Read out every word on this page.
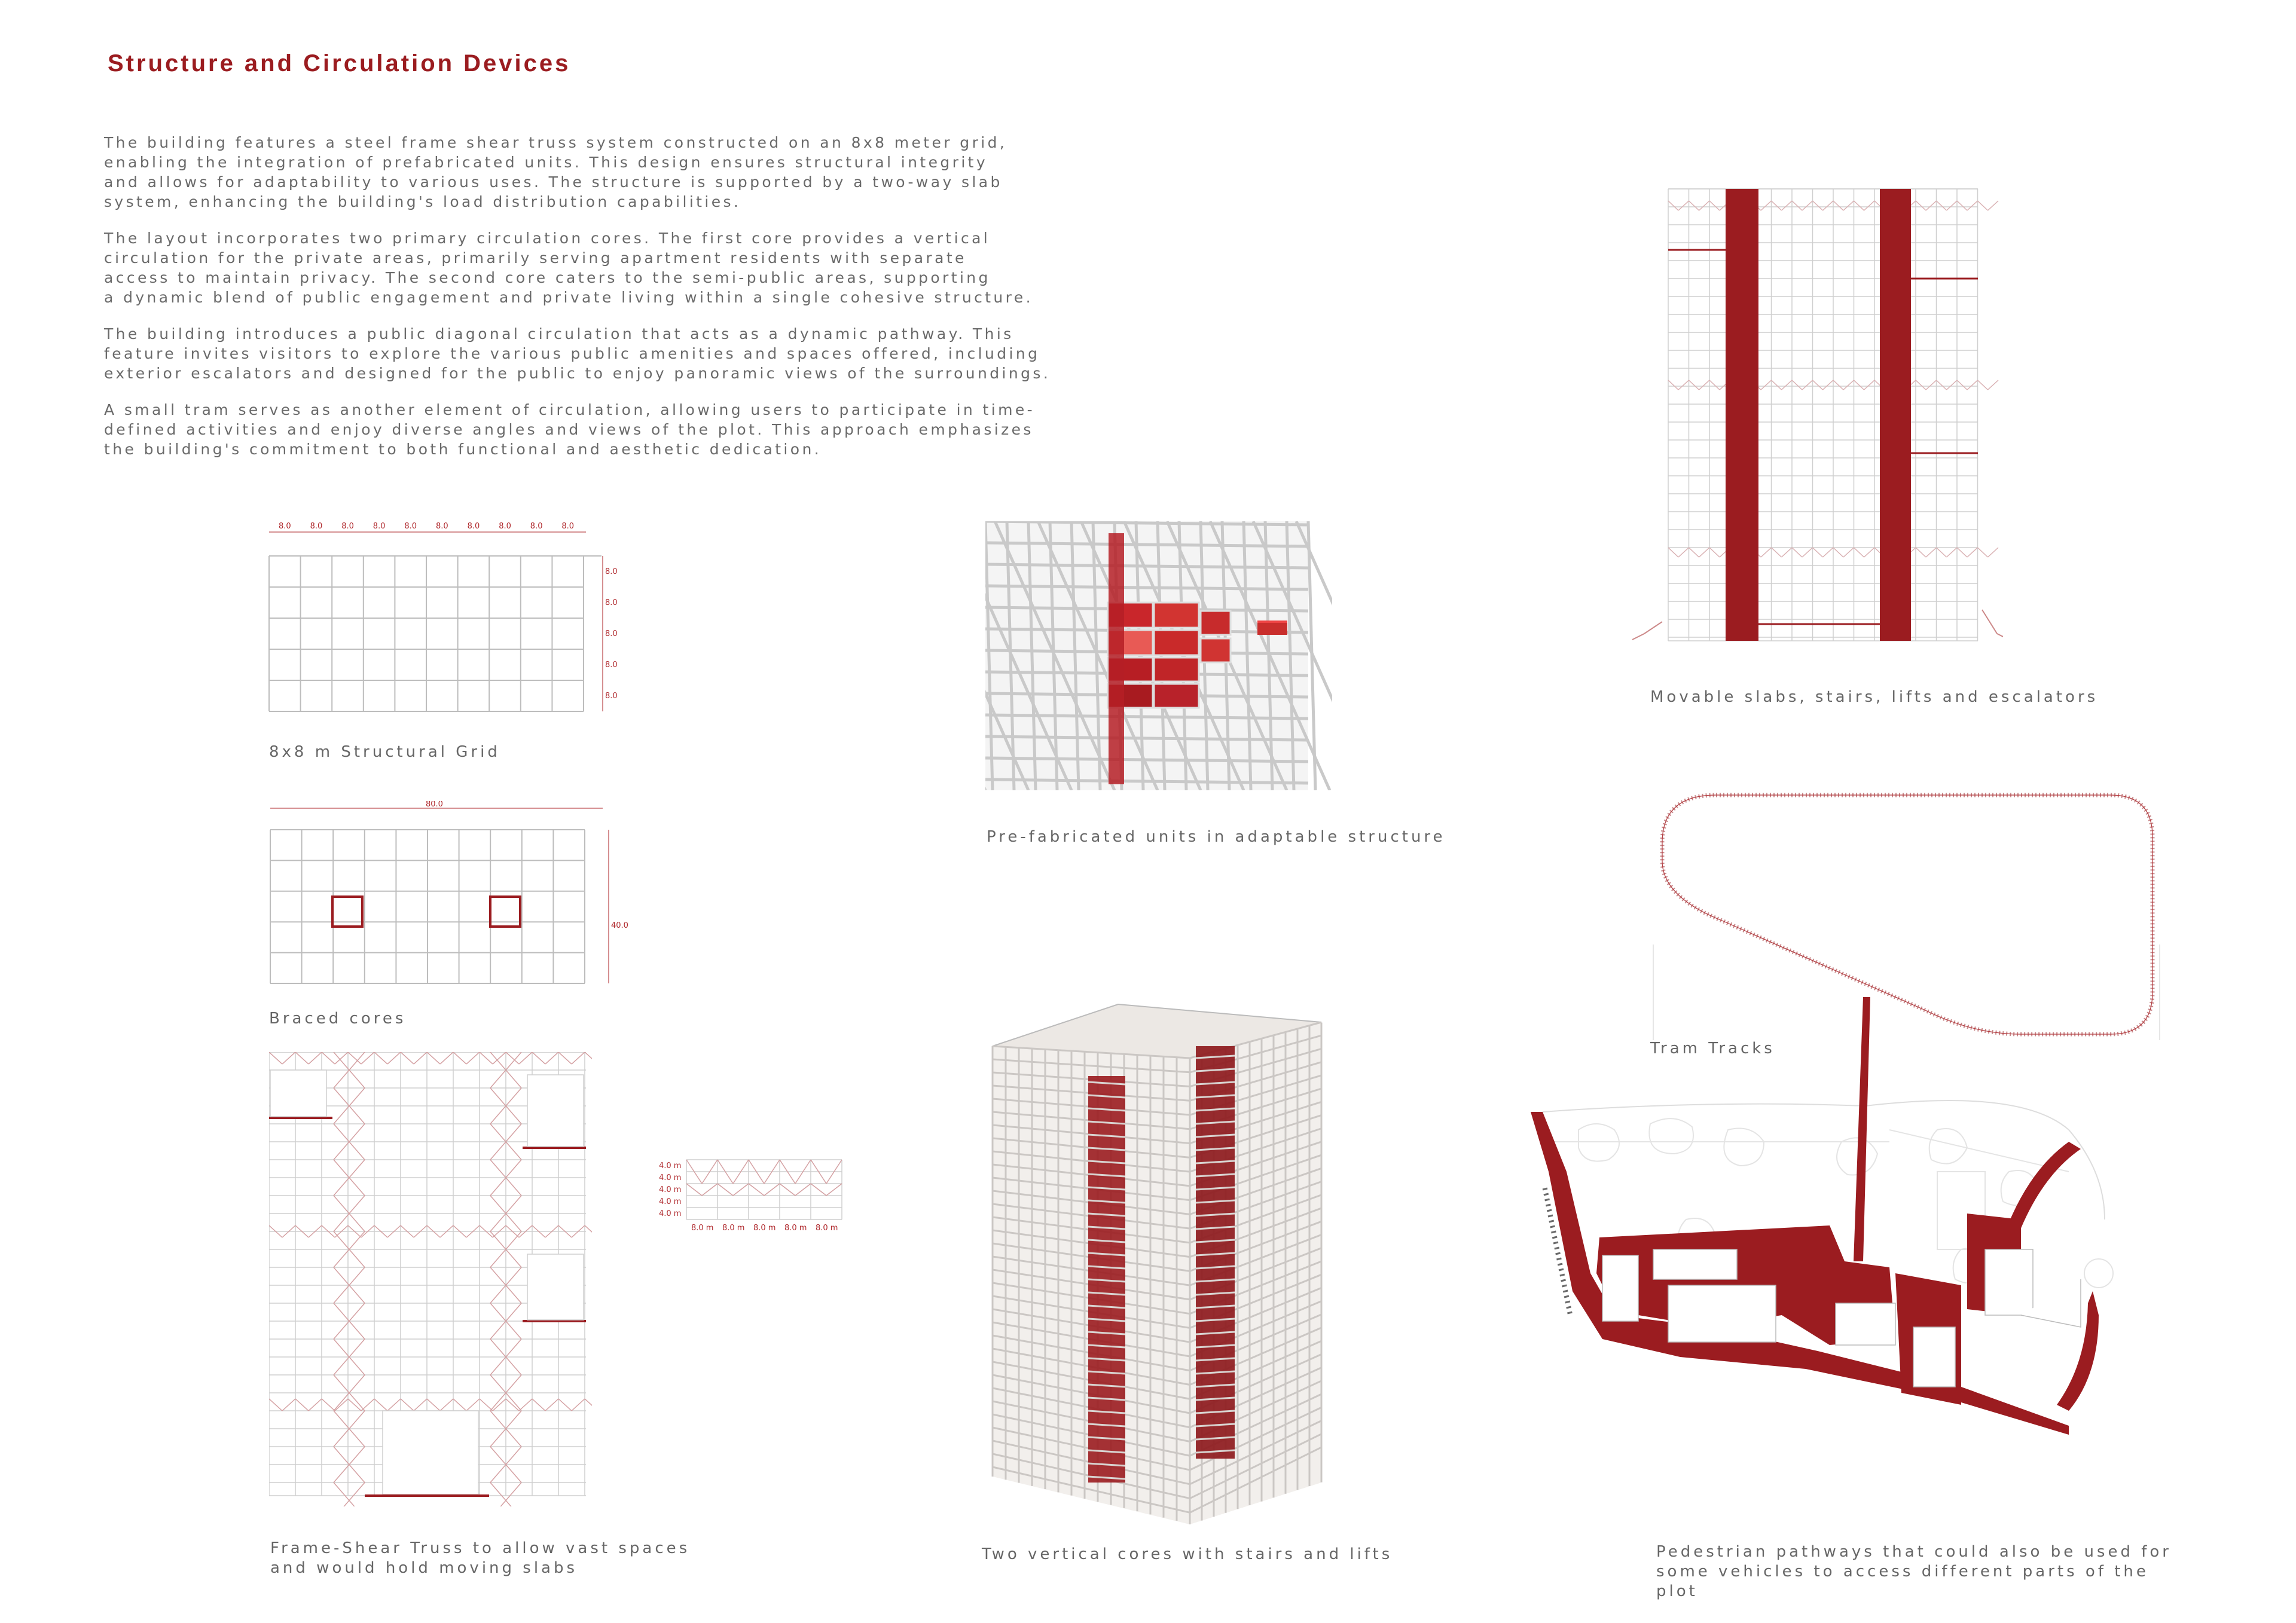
Structure and Circulation Devices

The building features a steel frame shear truss system constructed on an 8x8 meter grid,
enabling the integration of prefabricated units. This design ensures structural integrity
and allows for adaptability to various uses. The structure is supported by a two-way slab
system, enhancing the building's load distribution capabilities.

The layout incorporates two primary circulation cores. The first core provides a vertical
circulation for the private areas, primarily serving apartment residents with separate
access to maintain privacy. The second core caters to the semi-public areas, supporting
a dynamic blend of public engagement and private living within a single cohesive structure.

The building introduces a public diagonal circulation that acts as a dynamic pathway. This
feature invites visitors to explore the various public amenities and spaces offered, including
exterior escalators and designed for the public to enjoy panoramic views of the surroundings.

A small tram serves as another element of circulation, allowing users to participate in time-
defined activities and enjoy diverse angles and views of the plot. This approach emphasizes
the building's commitment to both functional and aesthetic dedication.

8.0 8.0 8.0 8.0 8.0 8.0 8.0 8.0 8.0 8.0
8.0
8.0
8.0
8.0
8.0

8x8 m Structural Grid

80.0
40.0

Braced cores

Frame-Shear Truss to allow vast spaces
and would hold moving slabs

4.0 m
4.0 m
4.0 m
4.0 m
4.0 m
8.0 m 8.0 m 8.0 m 8.0 m 8.0 m

Pre-fabricated units in adaptable structure

Two vertical cores with stairs and lifts

Movable slabs, stairs, lifts and escalators

Tram Tracks

Pedestrian pathways that could also be used for
some vehicles to access different parts of the
plot
